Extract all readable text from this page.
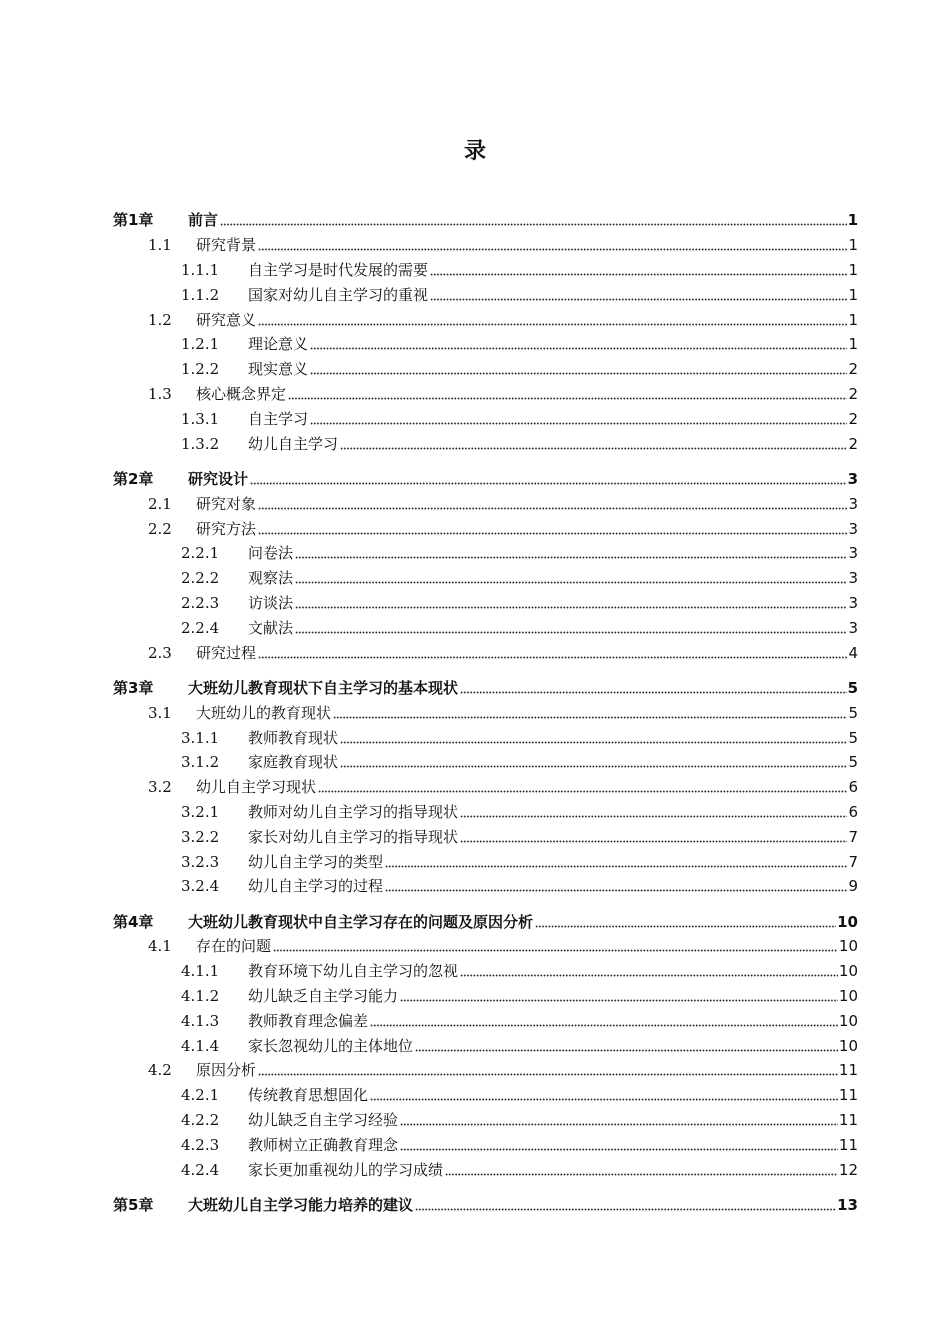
录
第1章	前言	1
1.1	研究背景	1
1.1.1	自主学习是时代发展的需要	1
1.1.2	国家对幼儿自主学习的重视	1
1.2	研究意义	1
1.2.1	理论意义	1
1.2.2	现实意义	2
1.3	核心概念界定	2
1.3.1	自主学习	2
1.3.2	幼儿自主学习	2
第2章	研究设计	3
2.1	研究对象	3
2.2	研究方法	3
2.2.1	问卷法	3
2.2.2	观察法	3
2.2.3	访谈法	3
2.2.4	文献法	3
2.3	研究过程	4
第3章	大班幼儿教育现状下自主学习的基本现状	5
3.1	大班幼儿的教育现状	5
3.1.1	教师教育现状	5
3.1.2	家庭教育现状	5
3.2	幼儿自主学习现状	6
3.2.1	教师对幼儿自主学习的指导现状	6
3.2.2	家长对幼儿自主学习的指导现状	7
3.2.3	幼儿自主学习的类型	7
3.2.4	幼儿自主学习的过程	9
第4章	大班幼儿教育现状中自主学习存在的问题及原因分析	10
4.1	存在的问题	10
4.1.1	教育环境下幼儿自主学习的忽视	10
4.1.2	幼儿缺乏自主学习能力	10
4.1.3	教师教育理念偏差	10
4.1.4	家长忽视幼儿的主体地位	10
4.2	原因分析	11
4.2.1	传统教育思想固化	11
4.2.2	幼儿缺乏自主学习经验	11
4.2.3	教师树立正确教育理念	11
4.2.4	家长更加重视幼儿的学习成绩	12
第5章	大班幼儿自主学习能力培养的建议	13
